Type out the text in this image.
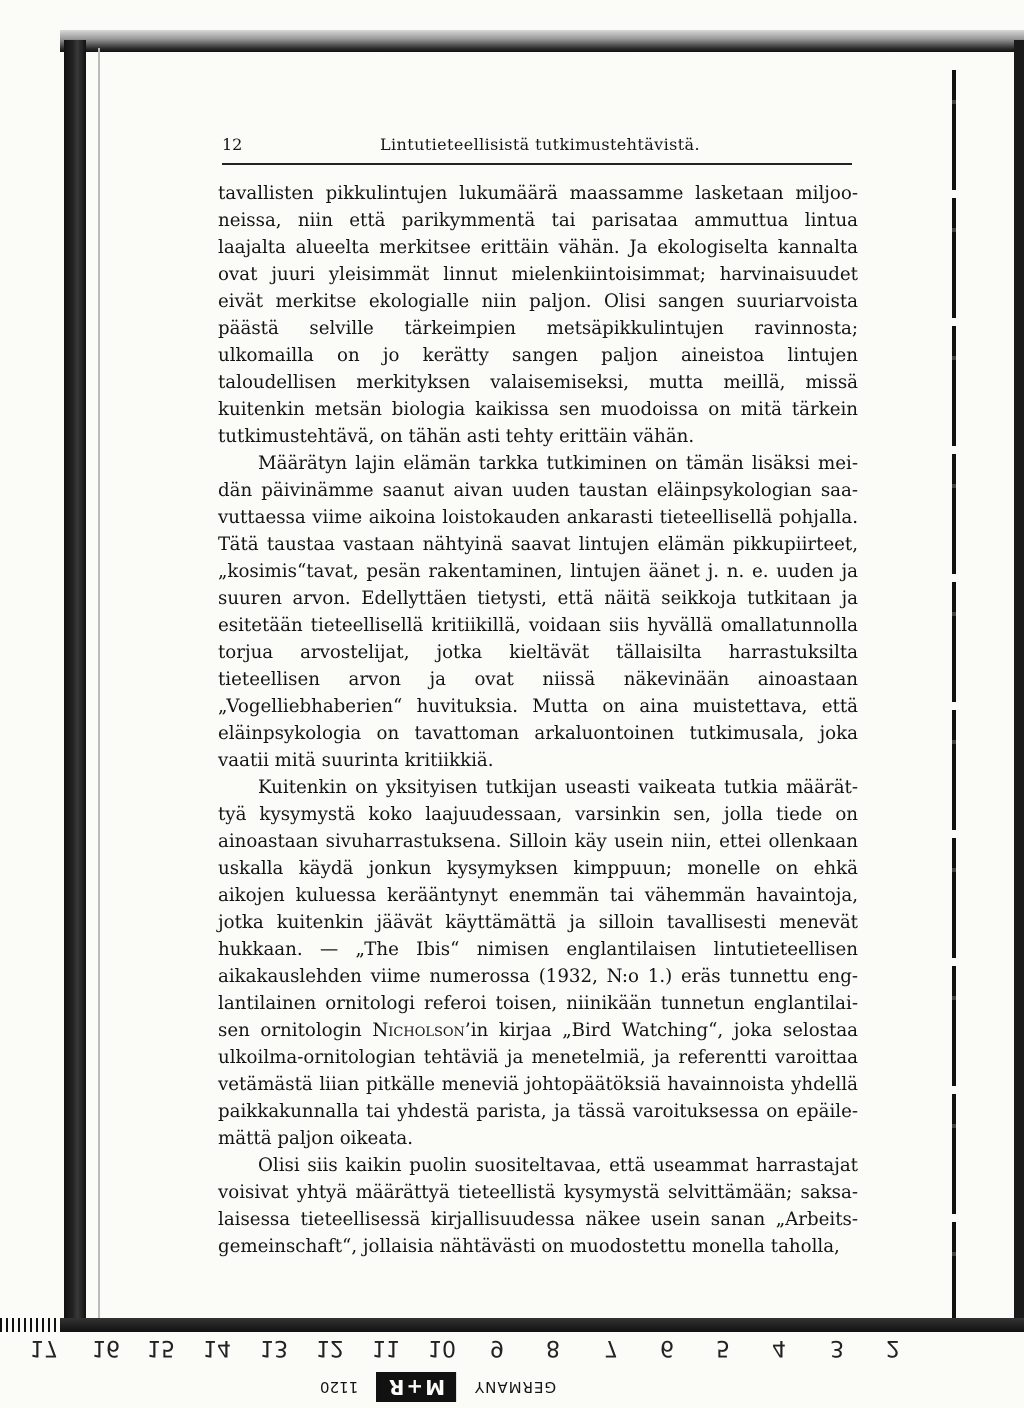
12	Lintutieteellisistä tutkimustehtävistä.

tavallisten pikkulintujen lukumäärä maassamme lasketaan miljooneissa, niin että parikymmentä tai parisataa ammuttua lintua laajalta alueelta merkitsee erittäin vähän. Ja ekologiselta kannalta ovat juuri yleisimmät linnut mielenkiintoisimmat; harvinaisuudet eivät merkitse ekologialle niin paljon. Olisi sangen suuriarvoista päästä selville tärkeimpien metsäpikkulintujen ravinnosta; ulkomailla on jo kerätty sangen paljon aineistoa lintujen taloudellisen merkityksen valaisemiseksi, mutta meillä, missä kuitenkin metsän biologia kaikissa sen muodoissa on mitä tärkein tutkimustehtävä, on tähän asti tehty erittäin vähän.

Määrätyn lajin elämän tarkka tutkiminen on tämän lisäksi meidän päivinämme saanut aivan uuden taustan eläinpsykologian saavuttaessa viime aikoina loistokauden ankarasti tieteellisellä pohjalla. Tätä taustaa vastaan nähtyinä saavat lintujen elämän pikkupiirteet, „kosimis“tavat, pesän rakentaminen, lintujen äänet j. n. e. uuden ja suuren arvon. Edellyttäen tietysti, että näitä seikkoja tutkitaan ja esitetään tieteellisellä kritiikillä, voidaan siis hyvällä omallatunnolla torjua arvostelijat, jotka kieltävät tällaisilta harrastuksilta tieteellisen arvon ja ovat niissä näkevinään ainoastaan „Vogelliebhaberien“ huvituksia. Mutta on aina muistettava, että eläinpsykologia on tavattoman arkaluontoinen tutkimusala, joka vaatii mitä suurinta kritiikkiä.

Kuitenkin on yksityisen tutkijan useasti vaikeata tutkia määrättyä kysymystä koko laajuudessaan, varsinkin sen, jolla tiede on ainoastaan sivuharrastuksena. Silloin käy usein niin, ettei ollenkaan uskalla käydä jonkun kysymyksen kimppuun; monelle on ehkä aikojen kuluessa kerääntynyt enemmän tai vähemmän havaintoja, jotka kuitenkin jäävät käyttämättä ja silloin tavallisesti menevät hukkaan. — „The Ibis“ nimisen englantilaisen lintutieteellisen aikakauslehden viime numerossa (1932, N:o 1.) eräs tunnettu englantilainen ornitologi referoi toisen, niinikään tunnetun englantilaisen ornitologin Nicholson’in kirjaa „Bird Watching“, joka selostaa ulkoilma-ornitologian tehtäviä ja menetelmiä, ja referentti varoittaa vetämästä liian pitkälle meneviä johtopäätöksiä havainnoista yhdellä paikkakunnalla tai yhdestä parista, ja tässä varoituksessa on epäilemättä paljon oikeata.

Olisi siis kaikin puolin suositeltavaa, että useammat harrastajat voisivat yhtyä määrättyä tieteellistä kysymystä selvittämään; saksalaisessa tieteellisessä kirjallisuudessa näkee usein sanan „Arbeitsgemeinschaft“, jollaisia nähtävästi on muodostettu monella taholla,

17 16 15 14 13 12 11 10 9 8 7 6 5 4 3 2
1120	M+R	GERMANY
